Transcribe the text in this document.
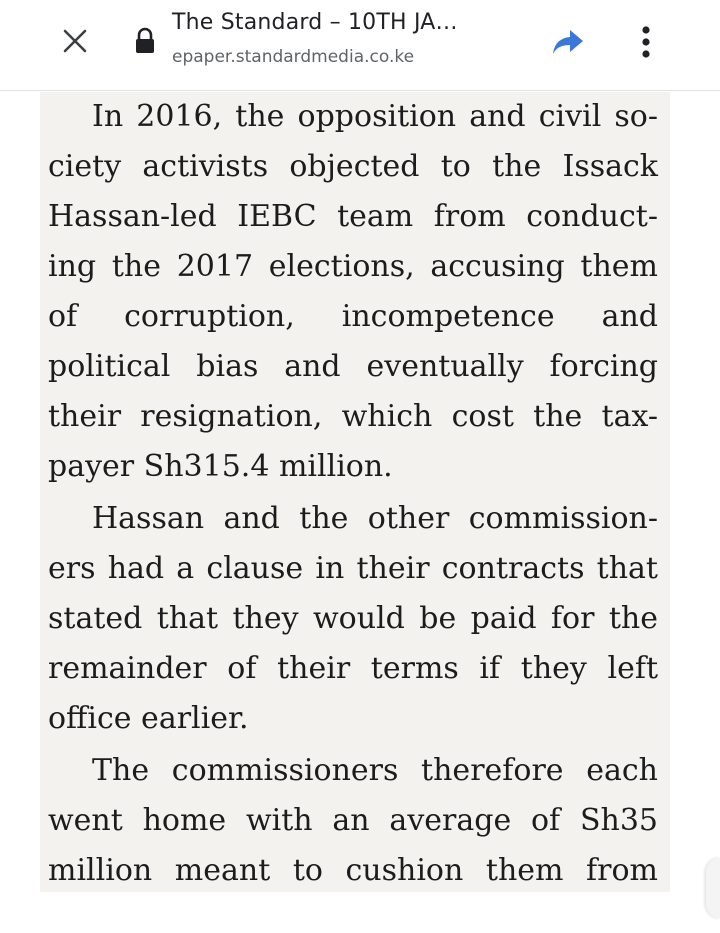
The Standard – 10TH JA…
epaper.standardmedia.co.ke
In 2016, the opposition and civil so-
ciety activists objected to the Issack
Hassan-led IEBC team from conduct-
ing the 2017 elections, accusing them
of corruption, incompetence and
political bias and eventually forcing
their resignation, which cost the tax-
payer Sh315.4 million.
Hassan and the other commission-
ers had a clause in their contracts that
stated that they would be paid for the
remainder of their terms if they left
office earlier.
The commissioners therefore each
went home with an average of Sh35
million meant to cushion them from
